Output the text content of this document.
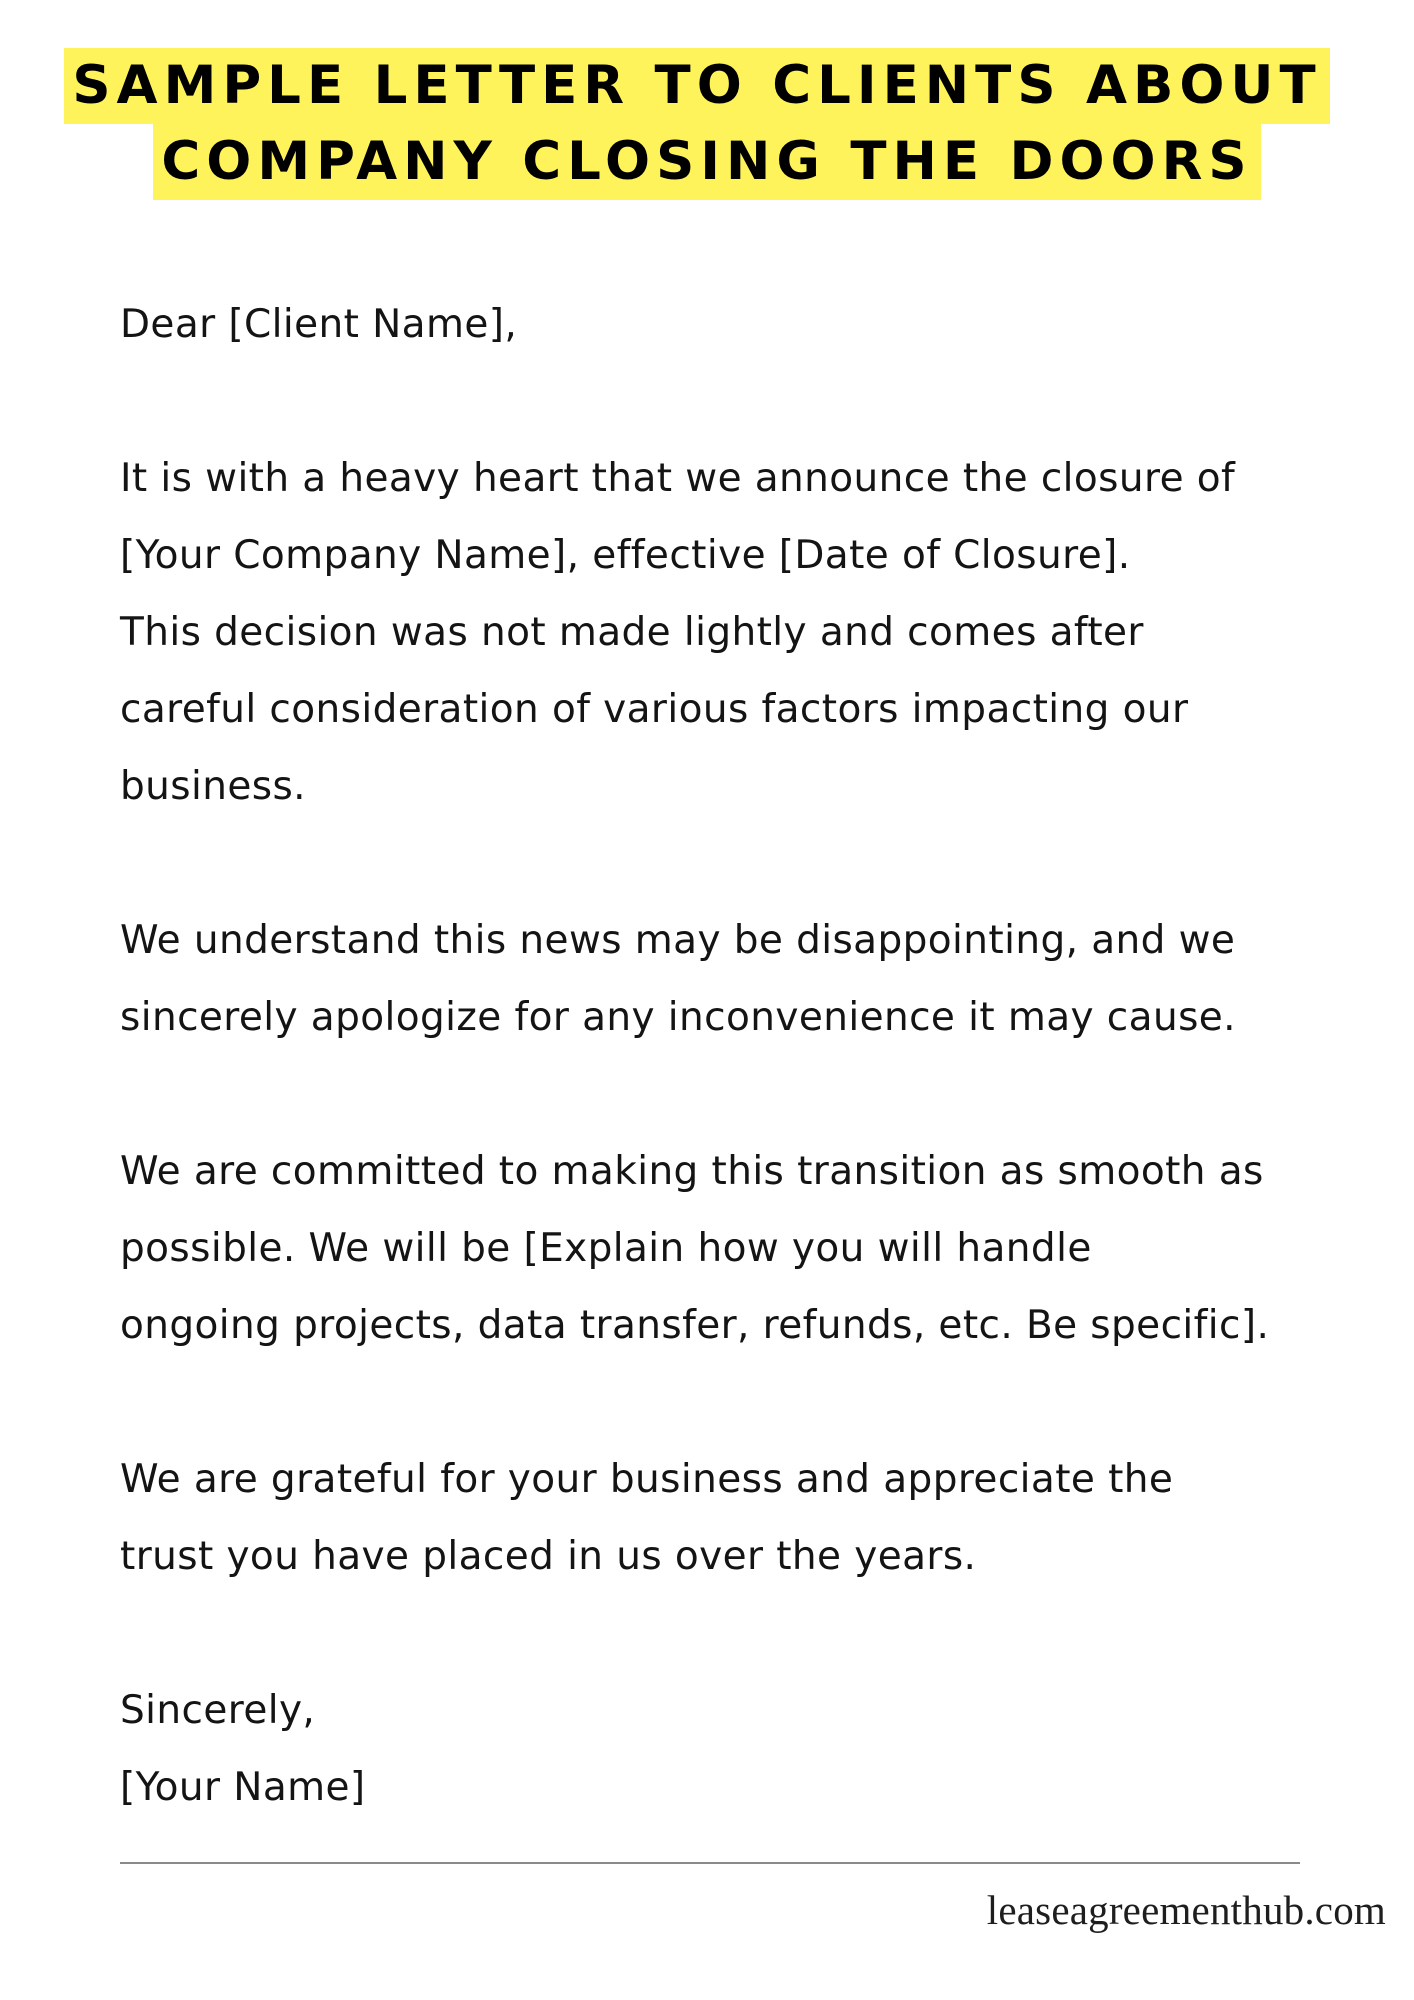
SAMPLE LETTER TO CLIENTS ABOUT
COMPANY CLOSING THE DOORS
Dear [Client Name],
It is with a heavy heart that we announce the closure of
[Your Company Name], effective [Date of Closure].
This decision was not made lightly and comes after
careful consideration of various factors impacting our
business.
We understand this news may be disappointing, and we
sincerely apologize for any inconvenience it may cause.
We are committed to making this transition as smooth as
possible. We will be [Explain how you will handle
ongoing projects, data transfer, refunds, etc. Be specific].
We are grateful for your business and appreciate the
trust you have placed in us over the years.
Sincerely,
[Your Name]
leaseagreementhub.com
